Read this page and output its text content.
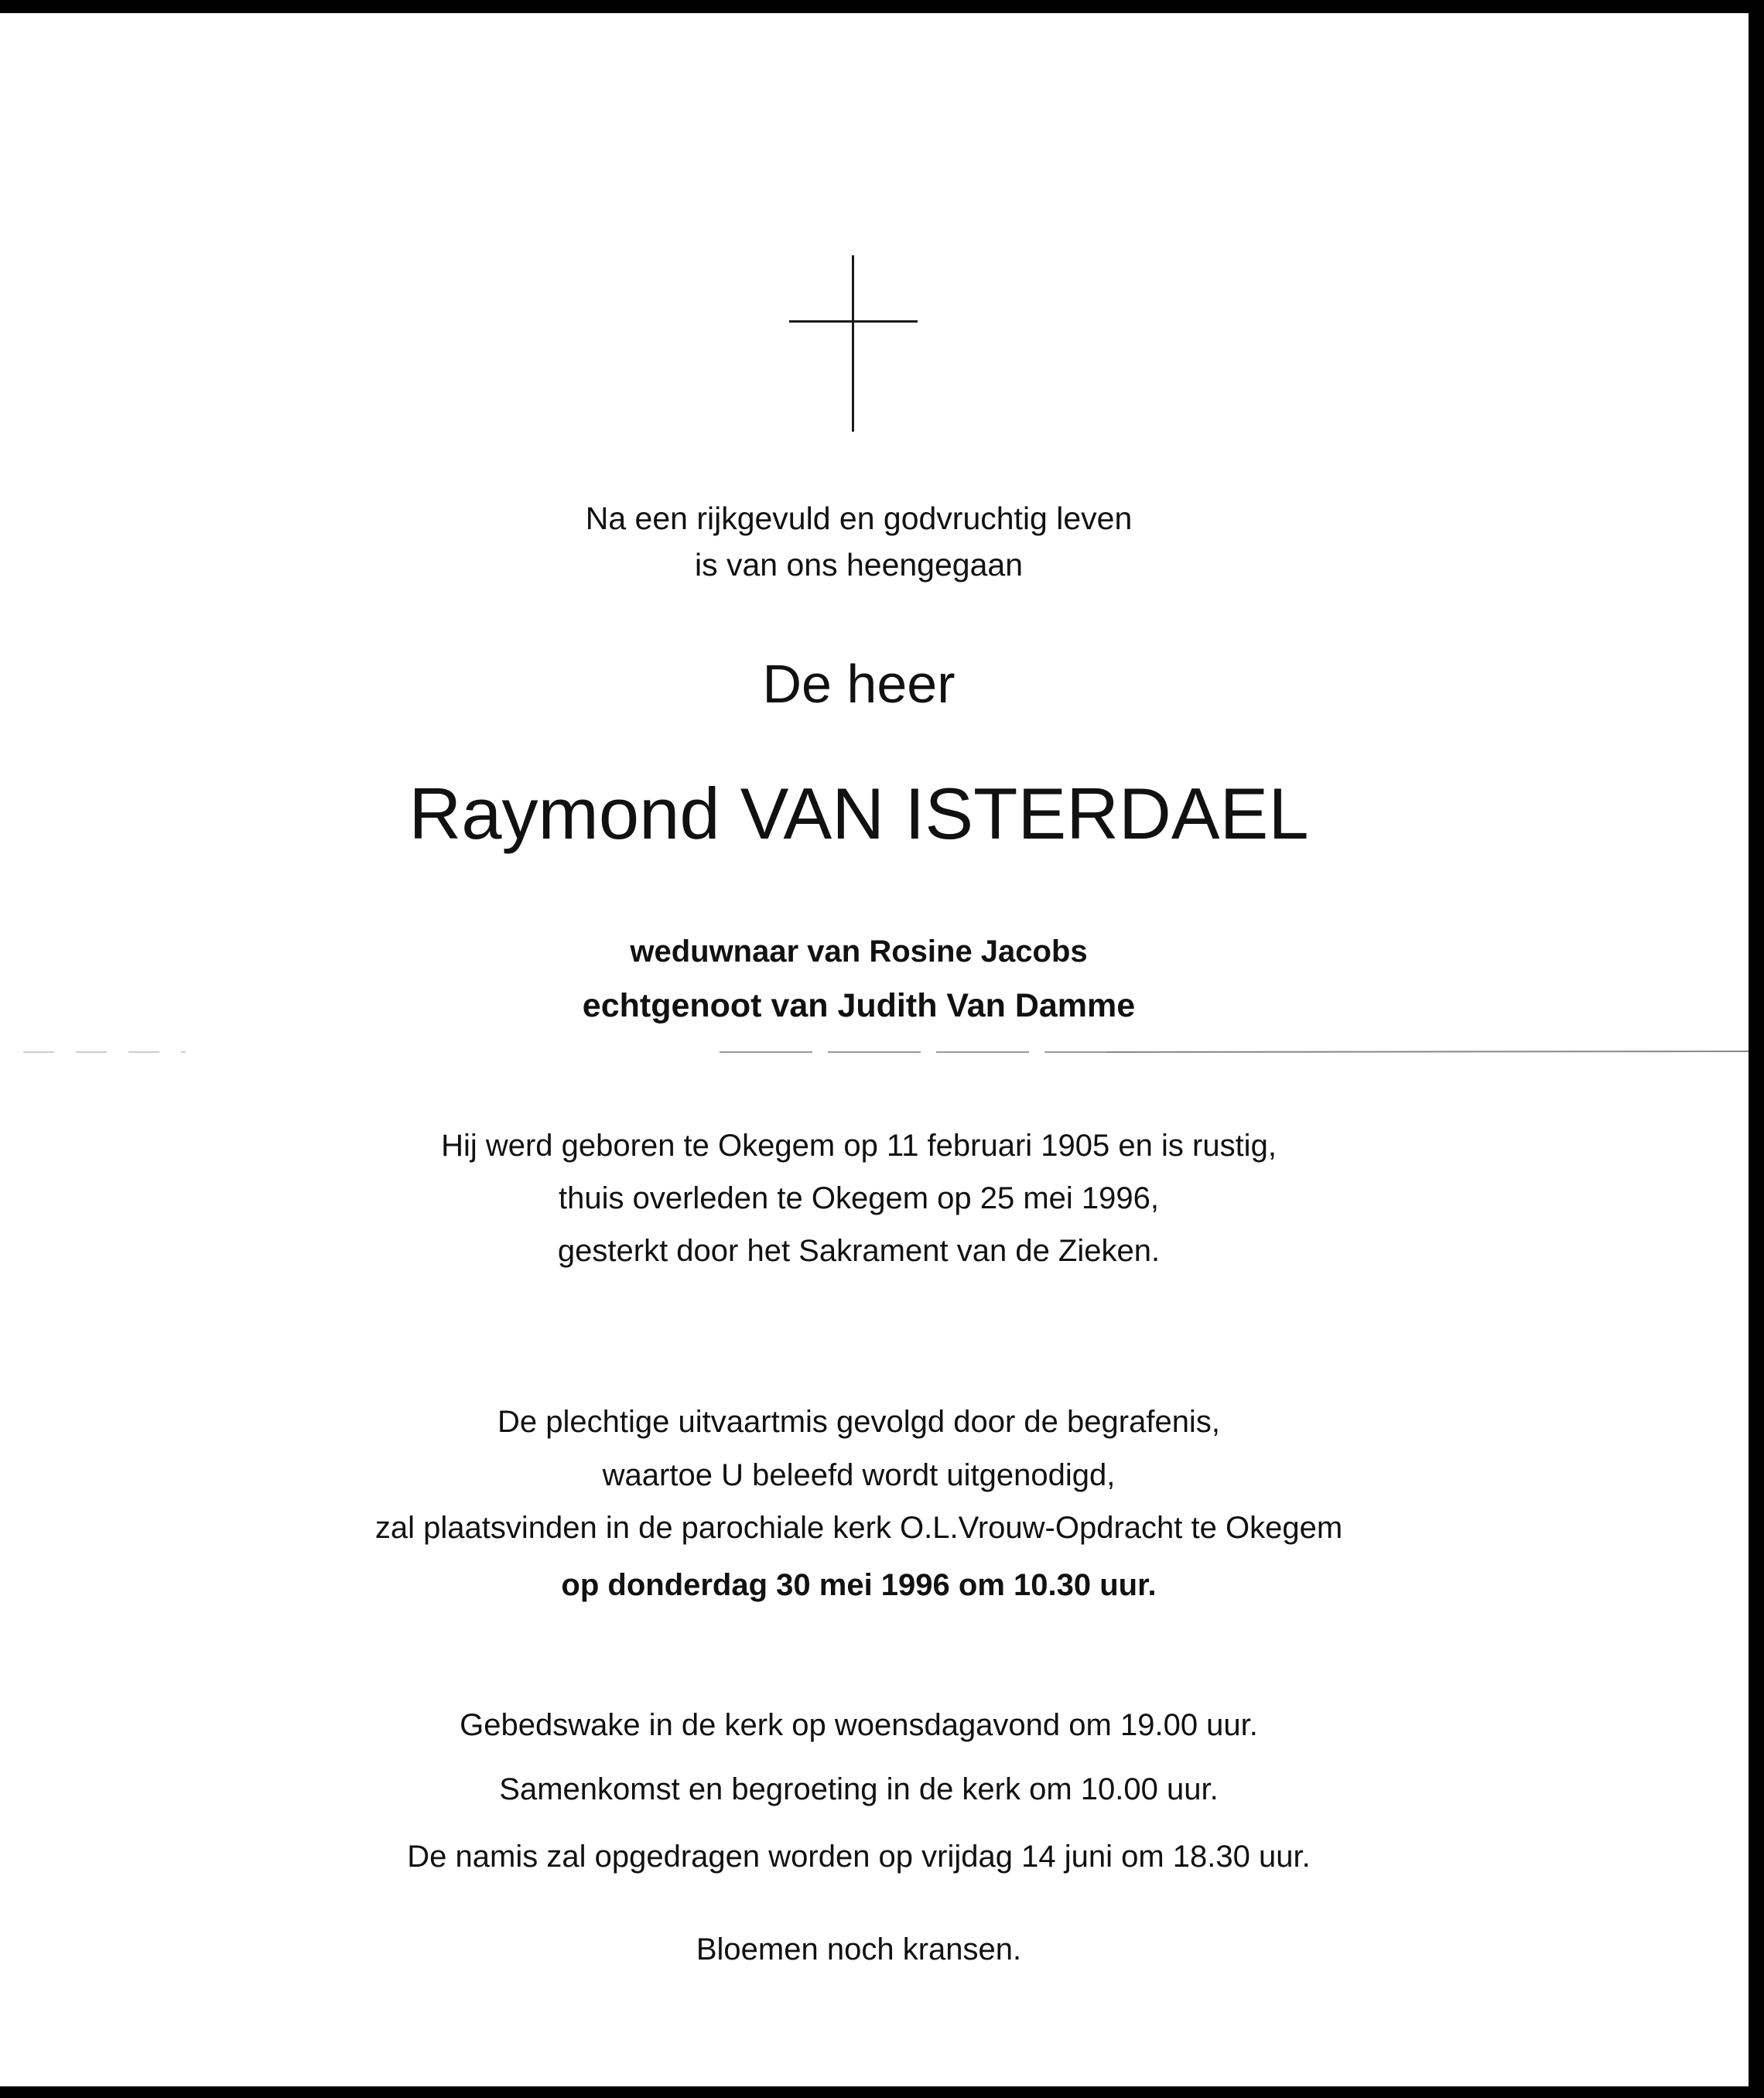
Na een rijkgevuld en godvruchtig leven
is van ons heengegaan
De heer
Raymond VAN ISTERDAEL
weduwnaar van Rosine Jacobs
echtgenoot van Judith Van Damme
Hij werd geboren te Okegem op 11 februari 1905 en is rustig,
thuis overleden te Okegem op 25 mei 1996,
gesterkt door het Sakrament van de Zieken.
De plechtige uitvaartmis gevolgd door de begrafenis,
waartoe U beleefd wordt uitgenodigd,
zal plaatsvinden in de parochiale kerk O.L.Vrouw-Opdracht te Okegem
op donderdag 30 mei 1996 om 10.30 uur.
Gebedswake in de kerk op woensdagavond om 19.00 uur.
Samenkomst en begroeting in de kerk om 10.00 uur.
De namis zal opgedragen worden op vrijdag 14 juni om 18.30 uur.
Bloemen noch kransen.
